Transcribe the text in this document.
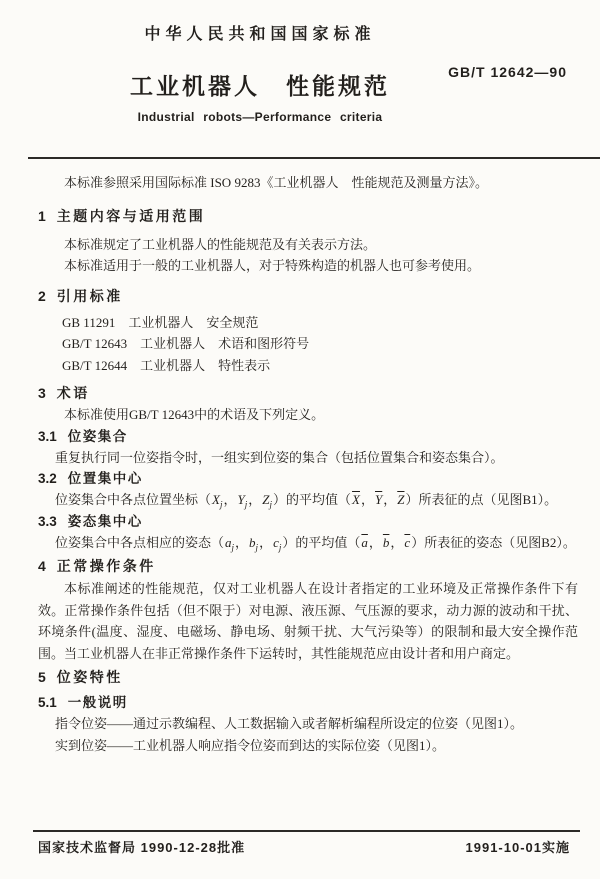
中华人民共和国国家标准
工业机器人　性能规范
Industrial robots—Performance criteria
GB/T 12642—90

本标准参照采用国际标准 ISO 9283《工业机器人　性能规范及测量方法》。

1 主题内容与适用范围

本标准规定了工业机器人的性能规范及有关表示方法。

本标准适用于一般的工业机器人，对于特殊构造的机器人也可参考使用。

2 引用标准

GB 11291　工业机器人　安全规范

GB/T 12643　工业机器人　术语和图形符号

GB/T 12644　工业机器人　特性表示

3 术语

本标准使用GB/T 12643中的术语及下列定义。

3.1 位姿集合

重复执行同一位姿指令时，一组实到位姿的集合（包括位置集合和姿态集合）。

3.2 位置集中心

位姿集合中各点位置坐标（$X_j$，$Y_j$，$Z_j$）的平均值（$\overline{X}$，$\overline{Y}$，$\overline{Z}$）所表征的点（见图B1）。

3.3 姿态集中心

位姿集合中各点相应的姿态（$a_j$，$b_j$，$c_j$）的平均值（$\overline{a}$，$\overline{b}$，$\overline{c}$）所表征的姿态（见图B2）。

4 正常操作条件

本标准阐述的性能规范，仅对工业机器人在设计者指定的工业环境及正常操作条件下有效。正常操作条件包括（但不限于）对电源、液压源、气压源的要求，动力源的波动和干扰、环境条件(温度、湿度、电磁场、静电场、射频干扰、大气污染等）的限制和最大安全操作范围。当工业机器人在非正常操作条件下运转时，其性能规范应由设计者和用户商定。

5 位姿特性

5.1 一般说明

指令位姿——通过示教编程、人工数据输入或者解析编程所设定的位姿（见图1）。

实到位姿——工业机器人响应指令位姿而到达的实际位姿（见图1）。

国家技术监督局 1990-12-28批准	1991-10-01实施
